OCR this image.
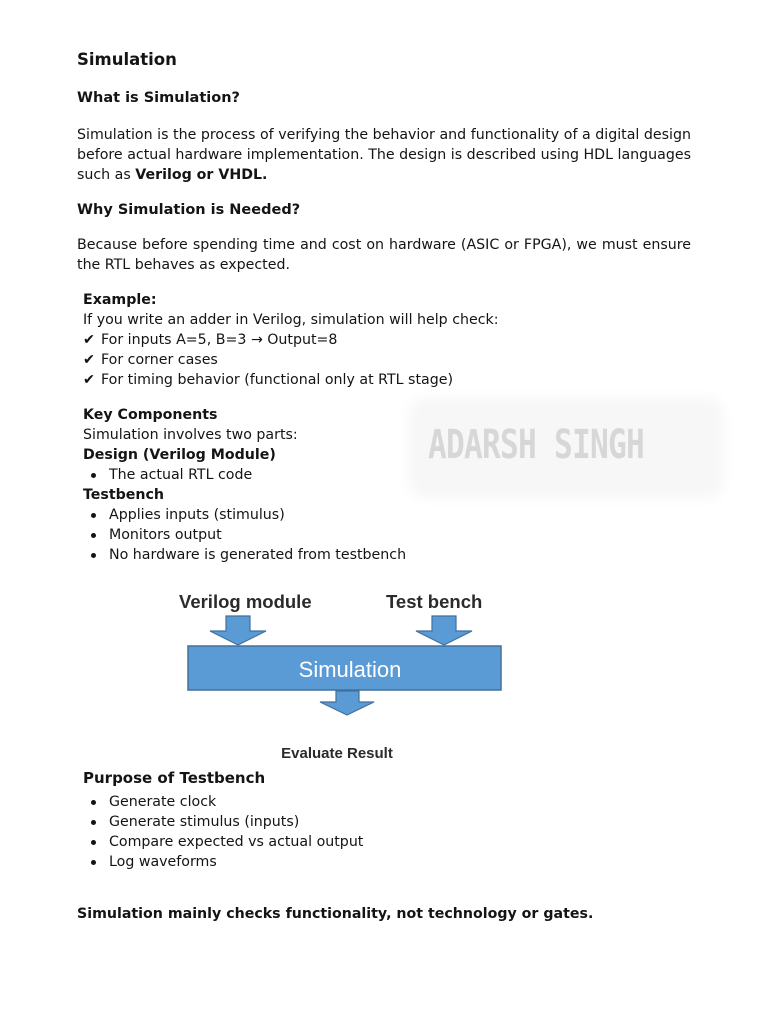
Simulation
What is Simulation?

Simulation is the process of verifying the behavior and functionality of a digital design before actual hardware implementation. The design is described using HDL languages such as Verilog or VHDL.

Why Simulation is Needed?

Because before spending time and cost on hardware (ASIC or FPGA), we must ensure the RTL behaves as expected.

Example:
If you write an adder in Verilog, simulation will help check:
✔ For inputs A=5, B=3 → Output=8
✔ For corner cases
✔ For timing behavior (functional only at RTL stage)
ADARSH SINGH
Key Components
Simulation involves two parts:
Design (Verilog Module)
The actual RTL code
Testbench
Applies inputs (stimulus)
Monitors output
No hardware is generated from testbench
Verilog module	Test bench
Simulation
Evaluate Result
Purpose of Testbench
Generate clock
Generate stimulus (inputs)
Compare expected vs actual output
Log waveforms

Simulation mainly checks functionality, not technology or gates.
